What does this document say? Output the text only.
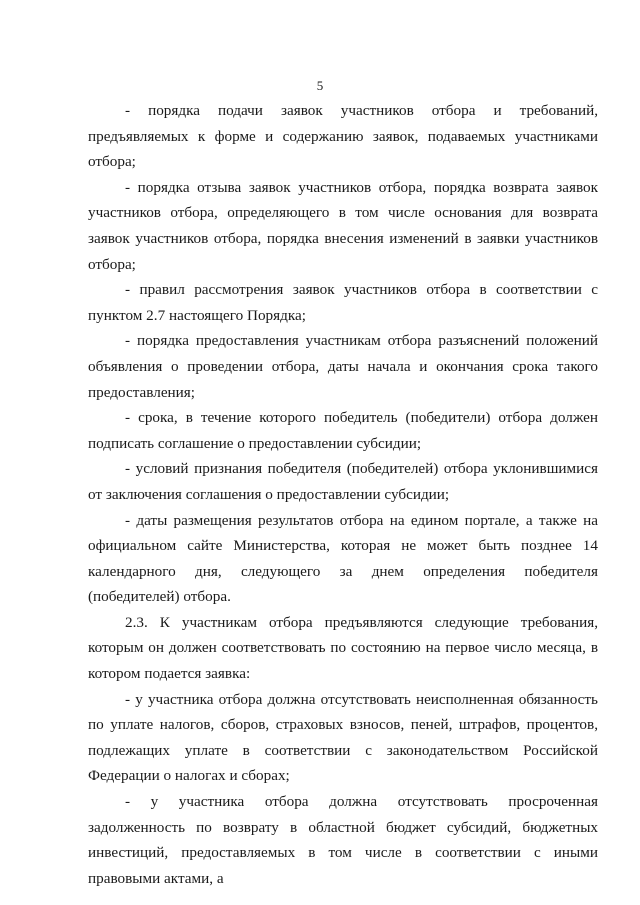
5

- порядка подачи заявок участников отбора и требований, предъявляемых к форме и содержанию заявок, подаваемых участниками отбора;

- порядка отзыва заявок участников отбора, порядка возврата заявок участников отбора, определяющего в том числе основания для возврата заявок участников отбора, порядка внесения изменений в заявки участников отбора;

- правил рассмотрения заявок участников отбора в соответствии с пунктом 2.7 настоящего Порядка;

- порядка предоставления участникам отбора разъяснений положений объявления о проведении отбора, даты начала и окончания срока такого предоставления;

- срока, в течение которого победитель (победители) отбора должен подписать соглашение о предоставлении субсидии;

- условий признания победителя (победителей) отбора уклонившимися от заключения соглашения о предоставлении субсидии;

- даты размещения результатов отбора на едином портале, а также на официальном сайте Министерства, которая не может быть позднее 14 календарного дня, следующего за днем определения победителя (победителей) отбора.

2.3. К участникам отбора предъявляются следующие требования, которым он должен соответствовать по состоянию на первое число месяца, в котором подается заявка:

- у участника отбора должна отсутствовать неисполненная обязанность по уплате налогов, сборов, страховых взносов, пеней, штрафов, процентов, подлежащих уплате в соответствии с законодательством Российской Федерации о налогах и сборах;

- у участника отбора должна отсутствовать просроченная задолженность по возврату в областной бюджет субсидий, бюджетных инвестиций, предоставляемых в том числе в соответствии с иными правовыми актами, а
